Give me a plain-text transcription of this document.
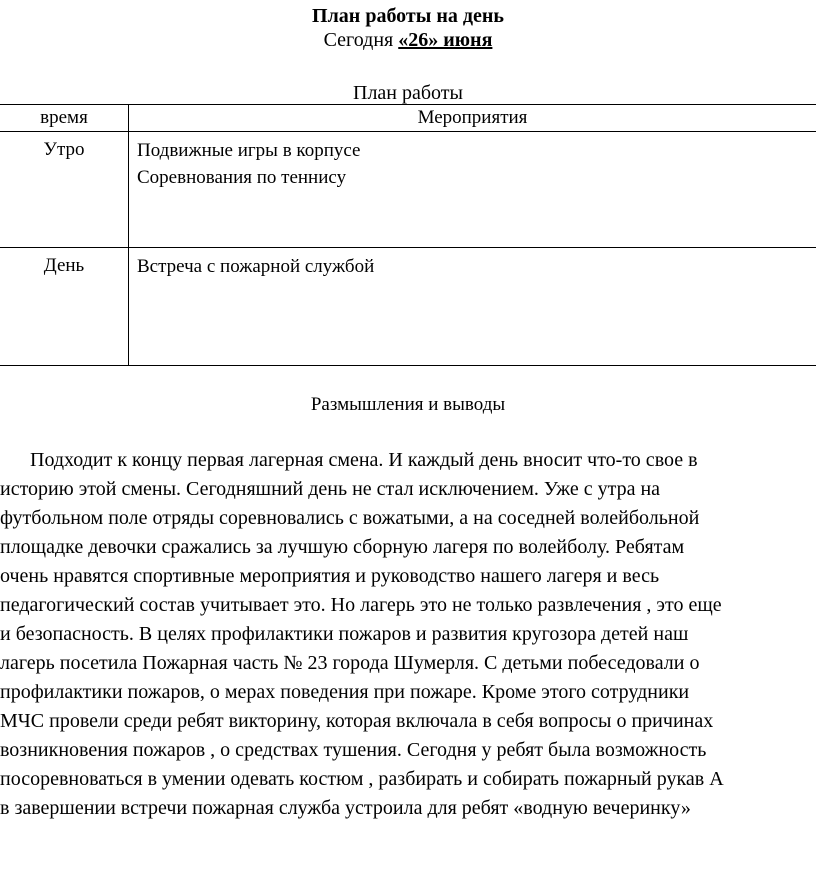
План работы на день
Сегодня «26» июня
План работы
время	Мероприятия

Утро	Подвижные игры в корпусе
Соревнования по теннису

День	Встреча с пожарной службой
Размышления и выводы
Подходит к концу первая лагерная смена. И каждый день вносит что-то свое в
историю этой смены. Сегодняшний день не стал исключением. Уже с утра на
футбольном поле отряды соревновались с вожатыми, а на соседней волейбольной
площадке девочки сражались за лучшую сборную лагеря по волейболу. Ребятам
очень нравятся спортивные мероприятия и руководство нашего лагеря и весь
педагогический состав учитывает это. Но лагерь это не только развлечения , это еще
и безопасность. В целях профилактики пожаров и развития кругозора детей наш
лагерь посетила Пожарная часть № 23 города Шумерля. С детьми побеседовали о
профилактики пожаров, о мерах поведения при пожаре. Кроме этого сотрудники
МЧС провели среди ребят викторину, которая включала в себя вопросы о причинах
возникновения пожаров , о средствах тушения. Сегодня у ребят была возможность
посоревноваться в умении одевать костюм , разбирать и собирать пожарный рукав А
в завершении встречи пожарная служба устроила для ребят «водную вечеринку»
